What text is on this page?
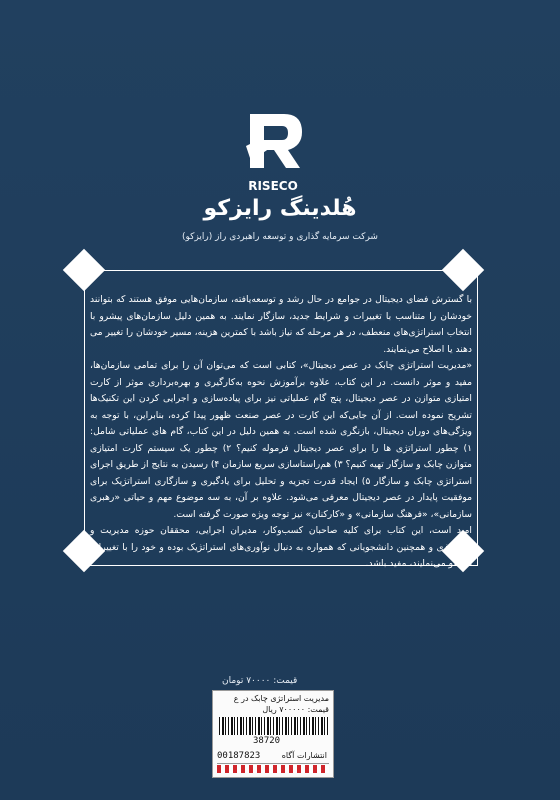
RISECO
هُلدینگ رایزکو
شرکت سرمایه گذاری و توسعه راهبردی راز (رایزکو)

با گسترش فضای دیجیتال در جوامع در حال رشد و توسعه‌یافته، سازمان‌هایی موفق هستند که بتوانند خودشان را متناسب با تغییرات و شرایط جدید، سازگار نمایند. به همین دلیل سازمان‌های پیشرو با انتخاب استراتژی‌های منعطف، در هر مرحله که نیاز باشد با کمترین هزینه، مسیر خودشان را تغییر می دهند یا اصلاح می‌نمایند.

«مدیریت استراتژی چابک در عصر دیجیتال»، کتابی است که می‌توان آن را برای تمامی سازمان‌ها، مفید و موثر دانست. در این کتاب، علاوه برآموزش نحوه به‌کارگیری و بهره‌برداری موثر از کارت امتیازی متوازن در عصر دیجیتال، پنج گام عملیاتی نیز برای پیاده‌سازی و اجرایی کردن این تکنیک‌ها تشریح نموده است. از آن جایی‌که این کارت در عصر صنعت ظهور پیدا کرده، بنابراین، با توجه به ویژگی‌های دوران دیجیتال، بازنگری شده است. به همین دلیل در این کتاب، گام های عملیاتی شامل: ۱) چطور استراتژی ها را برای عصر دیجیتال فرموله کنیم؟ ۲) چطور یک سیستم کارت امتیازی متوازن چابک و سازگار تهیه کنیم؟ ۳) هم‌راستاسازی سریع سازمان ۴) رسیدن به نتایج از طریق اجرای استراتژی چابک و سازگار ۵) ایجاد قدرت تجزیه و تحلیل برای یادگیری و سازگاری استراتژیک برای موفقیت پایدار در عصر دیجیتال معرفی می‌شود. علاوه بر آن، به سه موضوع مهم و حیاتی «رهبری سازمانی»، «فرهنگ سازمانی» و «کارکنان» نیز توجه ویژه صورت گرفته است.

امید است، این کتاب برای کلیه صاحبان کسب‌وکار، مدیران اجرایی، محققان حوزه مدیریت و استراتژی و همچنین دانشجویانی که همواره به دنبال نوآوری‌های استراتژیک بوده و خود را با تغییرات هم‌سو می‌نمایند، مفید باشد.

قیمت: ۷۰۰۰۰ تومان
مدیریت استراتژی چابک در ع
قیمت: ۷۰۰۰۰۰ ریال
38720
00187823	انتشارات‌ آگاه
